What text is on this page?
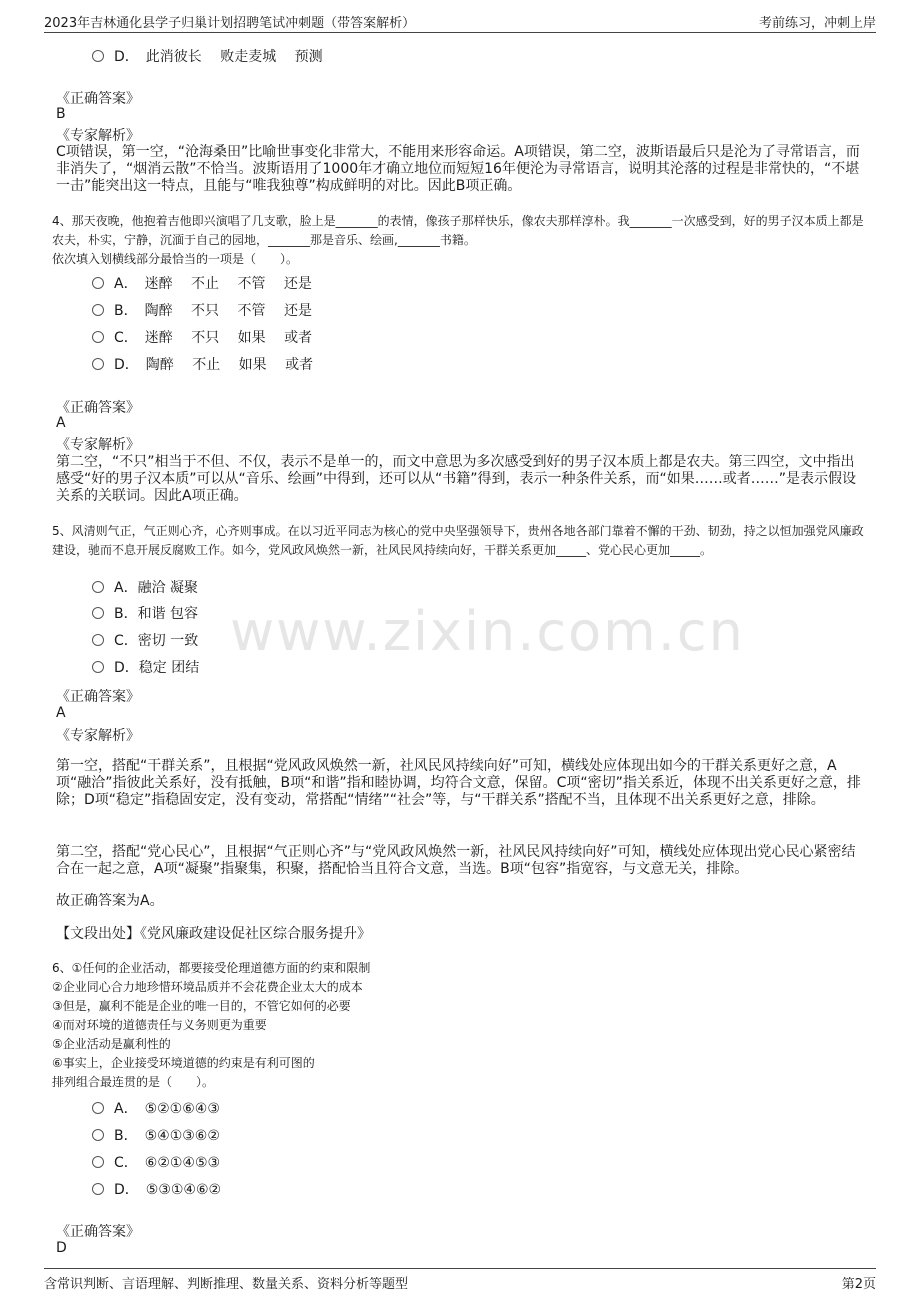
2023年吉林通化县学子归巢计划招聘笔试冲刺题（带答案解析）	考前练习，冲刺上岸
www.zixin.com.cn
D．　此消彼长　 败走麦城　 预测
《正确答案》
B
《专家解析》
C项错误，第一空，“沧海桑田”比喻世事变化非常大，不能用来形容命运。A项错误，第二空，波斯语最后只是沦为了寻常语言，而非消失了，“烟消云散”不恰当。波斯语用了1000年才确立地位而短短16年便沦为寻常语言，说明其沦落的过程是非常快的，“不堪一击”能突出这一特点，且能与“唯我独尊”构成鲜明的对比。因此B项正确。
4、那天夜晚，他抱着吉他即兴演唱了几支歌，脸上是_______的表情，像孩子那样快乐，像农夫那样淳朴。我_______一次感受到，好的男子汉本质上都是农夫，朴实，宁静，沉湎于自己的园地，_______那是音乐、绘画,_______书籍。
依次填入划横线部分最恰当的一项是（　　）。
A．　迷醉　 不止　 不管　 还是
B．　陶醉　 不只　 不管　 还是
C．　迷醉　 不只　 如果　 或者
D．　陶醉　 不止　 如果　 或者
《正确答案》
A
《专家解析》
第二空，“不只”相当于不但、不仅，表示不是单一的，而文中意思为多次感受到好的男子汉本质上都是农夫。第三四空，文中指出感受“好的男子汉本质”可以从“音乐、绘画”中得到，还可以从“书籍”得到，表示一种条件关系，而“如果……或者……”是表示假设关系的关联词。因此A项正确。
5、风清则气正，气正则心齐，心齐则事成。在以习近平同志为核心的党中央坚强领导下，贵州各地各部门靠着不懈的干劲、韧劲，持之以恒加强党风廉政建设，驰而不息开展反腐败工作。如今，党风政风焕然一新，社风民风持续向好，干群关系更加_____、党心民心更加_____。
A．融洽 凝聚
B．和谐 包容
C．密切 一致
D．稳定 团结
《正确答案》
A
《专家解析》
第一空，搭配“干群关系”，且根据“党风政风焕然一新，社风民风持续向好”可知，横线处应体现出如今的干群关系更好之意，A项“融洽”指彼此关系好，没有抵触，B项“和谐”指和睦协调，均符合文意，保留。C项“密切”指关系近，体现不出关系更好之意，排除；D项“稳定”指稳固安定，没有变动，常搭配“情绪”“社会”等，与“干群关系”搭配不当，且体现不出关系更好之意，排除。
第二空，搭配“党心民心”，且根据“气正则心齐”与“党风政风焕然一新，社风民风持续向好”可知，横线处应体现出党心民心紧密结合在一起之意，A项“凝聚”指聚集，积聚，搭配恰当且符合文意，当选。B项“包容”指宽容，与文意无关，排除。
故正确答案为A。
【文段出处】《党风廉政建设促社区综合服务提升》
6、①任何的企业活动，都要接受伦理道德方面的约束和限制
②企业同心合力地珍惜环境品质并不会花费企业太大的成本
③但是，赢利不能是企业的唯一目的，不管它如何的必要
④而对环境的道德责任与义务则更为重要
⑤企业活动是赢利性的
⑥事实上，企业接受环境道德的约束是有利可图的
排列组合最连贯的是（　　）。
A．　⑤②①⑥④③
B．　⑤④①③⑥②
C．　⑥②①④⑤③
D．　⑤③①④⑥②
《正确答案》
D
含常识判断、言语理解、判断推理、数量关系、资料分析等题型	第2页
